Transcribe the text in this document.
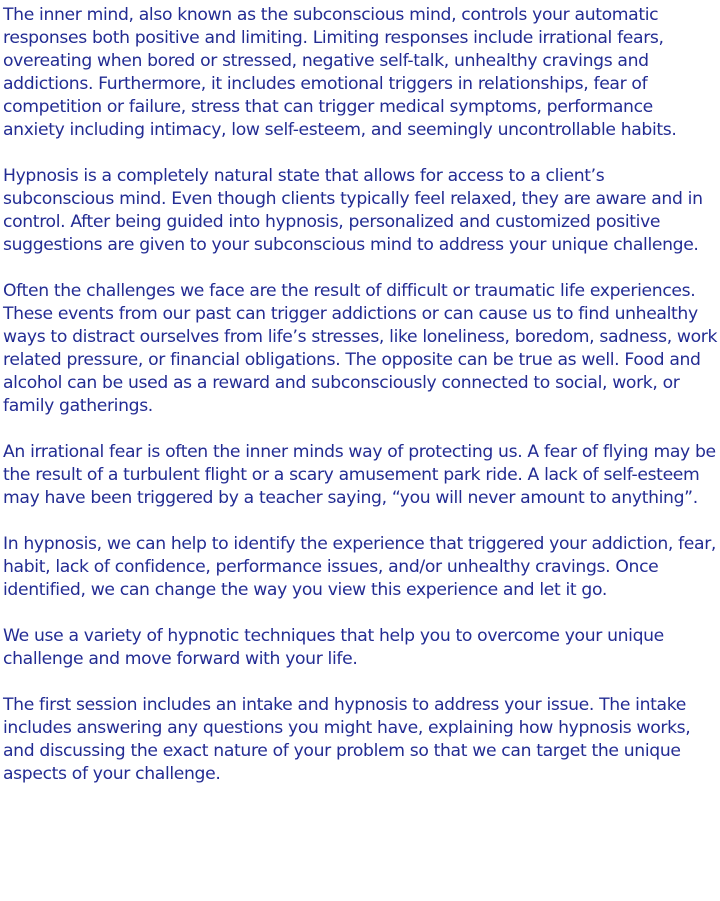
The inner mind, also known as the subconscious mind, controls your automatic responses both positive and limiting. Limiting responses include irrational fears, overeating when bored or stressed, negative self-talk, unhealthy cravings and addictions. Furthermore, it includes emotional triggers in relationships, fear of competition or failure, stress that can trigger medical symptoms, performance anxiety including intimacy, low self-esteem, and seemingly uncontrollable habits.

Hypnosis is a completely natural state that allows for access to a client’s subconscious mind. Even though clients typically feel relaxed, they are aware and in control. After being guided into hypnosis, personalized and customized positive suggestions are given to your subconscious mind to address your unique challenge.

Often the challenges we face are the result of difficult or traumatic life experiences. These events from our past can trigger addictions or can cause us to find unhealthy ways to distract ourselves from life’s stresses, like loneliness, boredom, sadness, work related pressure, or financial obligations. The opposite can be true as well. Food and alcohol can be used as a reward and subconsciously connected to social, work, or family gatherings.

An irrational fear is often the inner minds way of protecting us. A fear of flying may be the result of a turbulent flight or a scary amusement park ride. A lack of self-esteem may have been triggered by a teacher saying, “you will never amount to anything”.

In hypnosis, we can help to identify the experience that triggered your addiction, fear, habit, lack of confidence, performance issues, and/or unhealthy cravings. Once identified, we can change the way you view this experience and let it go.

We use a variety of hypnotic techniques that help you to overcome your unique challenge and move forward with your life.

The first session includes an intake and hypnosis to address your issue. The intake includes answering any questions you might have, explaining how hypnosis works, and discussing the exact nature of your problem so that we can target the unique aspects of your challenge.
